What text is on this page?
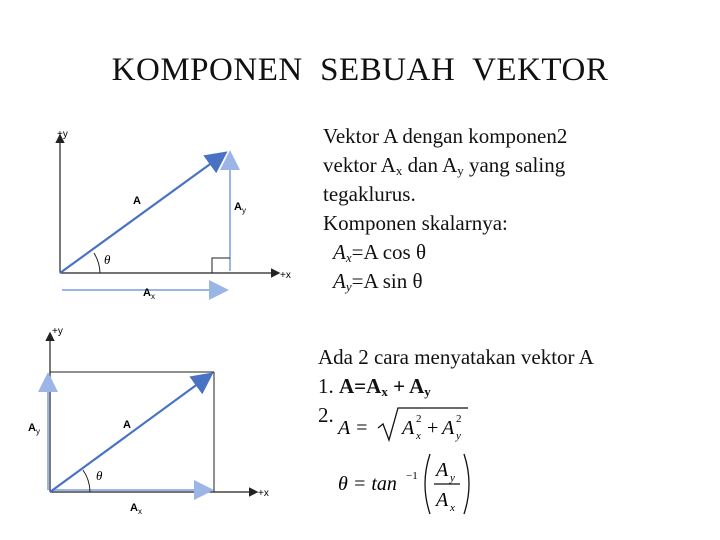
KOMPONEN  SEBUAH  VEKTOR
+y
+x
A
θ
Ay
Ax
+y
+x
A
θ
Ay
Ax
Vektor A dengan komponen2
vektor $A_x$ dan $A_y$ yang saling
tegaklurus.
Komponen skalarnya:
$A_x=A$ cos θ
$A_y=A$ sin θ
Ada 2 cara menyatakan vektor A
1. $A=A_x + A_y$
2.
A = A 2
x + A 2
y
θ = tan −1 A y
A x
